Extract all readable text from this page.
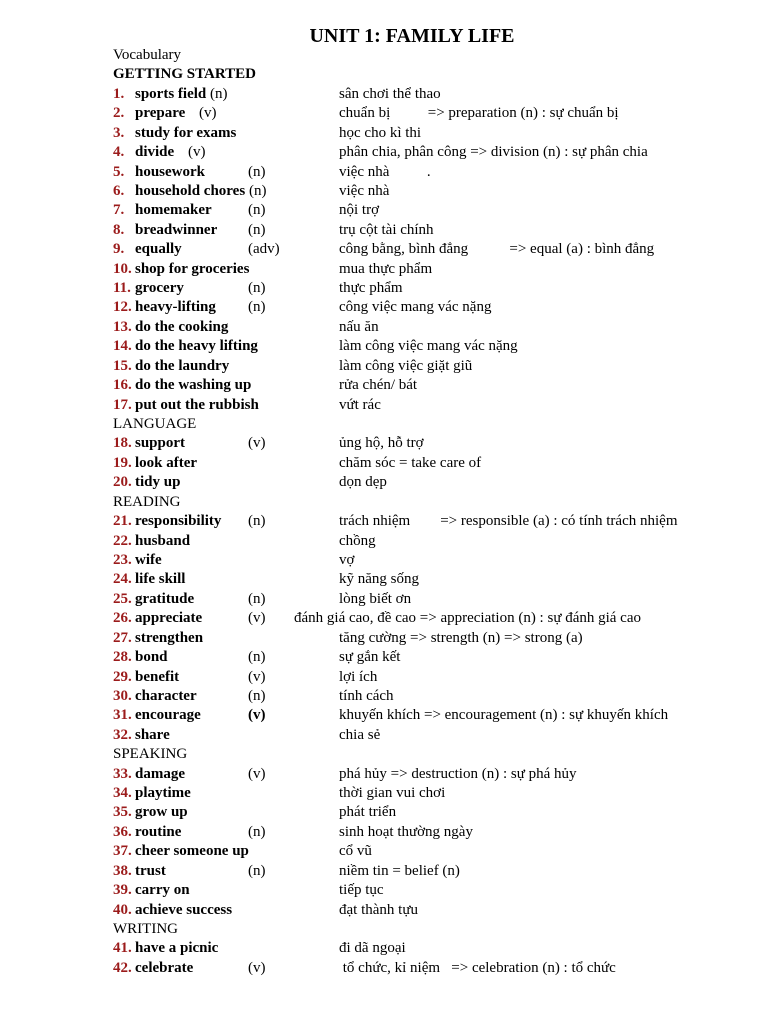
UNIT 1: FAMILY LIFE
Vocabulary
GETTING STARTED
1. sports field (n)	sân chơi thể thao
2. prepare (v)	chuẩn bị          => preparation (n) : sự chuẩn bị
3. study for exams	học cho kì thi
4. divide (v)	phân chia, phân công => division (n) : sự phân chia
5. housework	(n)	việc nhà          .
6. household chores (n)	việc nhà
7. homemaker (n)	nội trợ
8. breadwinner (n)	trụ cột tài chính
9. equally	(adv)	công bằng, bình đẳng           => equal (a) : bình đẳng
10. shop for groceries	mua thực phẩm
11. grocery	(n)	thực phẩm
12. heavy-lifting (n)	công việc mang vác nặng
13. do the cooking	nấu ăn
14. do the heavy lifting	làm công việc mang vác nặng
15. do the laundry	làm công việc giặt giũ
16. do the washing up	rửa chén/ bát
17. put out the rubbish	vứt rác
LANGUAGE
18. support	(v)	ủng hộ, hỗ trợ
19. look after	chăm sóc = take care of
20. tidy up	dọn dẹp
READING
21. responsibility (n)	trách nhiệm        => responsible (a) : có tính trách nhiệm
22. husband	chồng
23. wife	vợ
24. life skill	kỹ năng sống
25. gratitude	(n)	lòng biết ơn
26. appreciate	(v) đánh giá cao, đề cao => appreciation (n) : sự đánh giá cao
27. strengthen	tăng cường => strength (n) => strong (a)
28. bond	(n)	sự gắn kết
29. benefit	(v)	lợi ích
30. character	(n)	tính cách
31. encourage	(v)	khuyến khích => encouragement (n) : sự khuyến khích
32. share	chia sẻ
SPEAKING
33. damage	(v)	phá hủy => destruction (n) : sự phá hủy
34. playtime	thời gian vui chơi
35. grow up	phát triển
36. routine	(n)	sinh hoạt thường ngày
37. cheer someone up	cổ vũ
38. trust	(n)	niềm tin = belief (n)
39. carry on	tiếp tục
40. achieve success	đạt thành tựu
WRITING
41. have a picnic	đi dã ngoại
42. celebrate	(v)	tổ chức, kỉ niệm   => celebration (n) : tổ chức
